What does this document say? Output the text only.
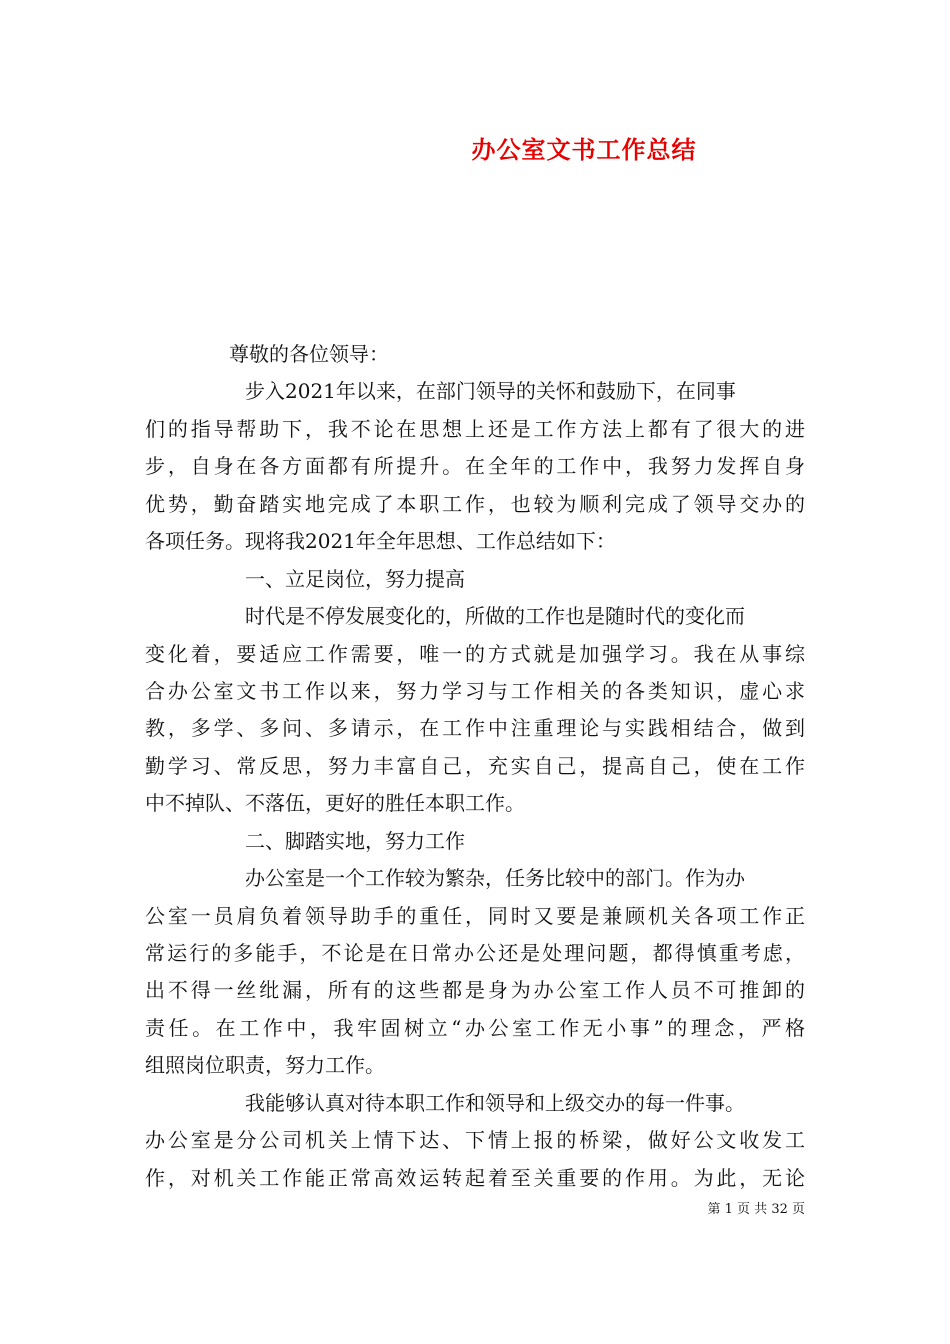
办公室文书工作总结
尊敬的各位领导：
步入2021年以来，在部门领导的关怀和鼓励下，在同事
们的指导帮助下，我不论在思想上还是工作方法上都有了很大的进
步，自身在各方面都有所提升。在全年的工作中，我努力发挥自身
优势，勤奋踏实地完成了本职工作，也较为顺利完成了领导交办的
各项任务。现将我2021年全年思想、工作总结如下：
一、立足岗位，努力提高
时代是不停发展变化的，所做的工作也是随时代的变化而
变化着，要适应工作需要，唯一的方式就是加强学习。我在从事综
合办公室文书工作以来，努力学习与工作相关的各类知识，虚心求
教，多学、多问、多请示，在工作中注重理论与实践相结合，做到
勤学习、常反思，努力丰富自己，充实自己，提高自己，使在工作
中不掉队、不落伍，更好的胜任本职工作。
二、脚踏实地，努力工作
办公室是一个工作较为繁杂，任务比较中的部门。作为办
公室一员肩负着领导助手的重任，同时又要是兼顾机关各项工作正
常运行的多能手，不论是在日常办公还是处理问题，都得慎重考虑，
出不得一丝纰漏，所有的这些都是身为办公室工作人员不可推卸的
责任。在工作中，我牢固树立“办公室工作无小事”的理念，严格
组照岗位职责，努力工作。
我能够认真对待本职工作和领导和上级交办的每一件事。
办公室是分公司机关上情下达、下情上报的桥梁，做好公文收发工
作，对机关工作能正常高效运转起着至关重要的作用。为此，无论
第 1 页 共 32 页
